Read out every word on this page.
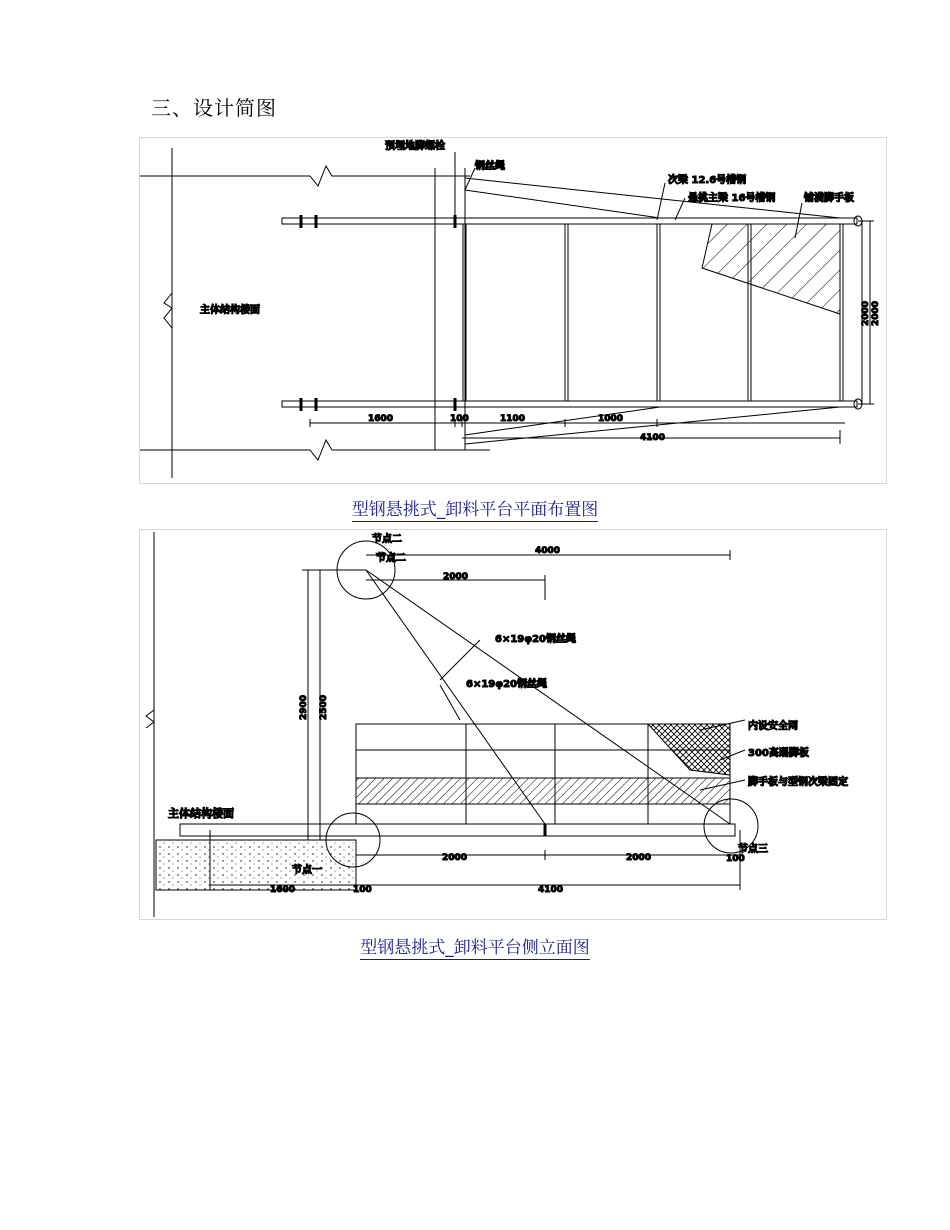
三、设计简图
预埋地脚螺栓
钢丝绳
次梁 12.6号槽钢
悬挑主梁 16号槽钢	铺满脚手板
主体结构楼面
1600	100	1100	1000
4100
2000 2000
型钢悬挑式_卸料平台平面布置图
节点二
节点二
4000
2000
6×19φ20钢丝绳
6×19φ20钢丝绳
2900 2500
内设安全网
300高踢脚板
脚手板与型钢次梁固定
主体结构楼面
节点三
2000	2000	100
节点一
1600	100	4100
型钢悬挑式_卸料平台侧立面图
